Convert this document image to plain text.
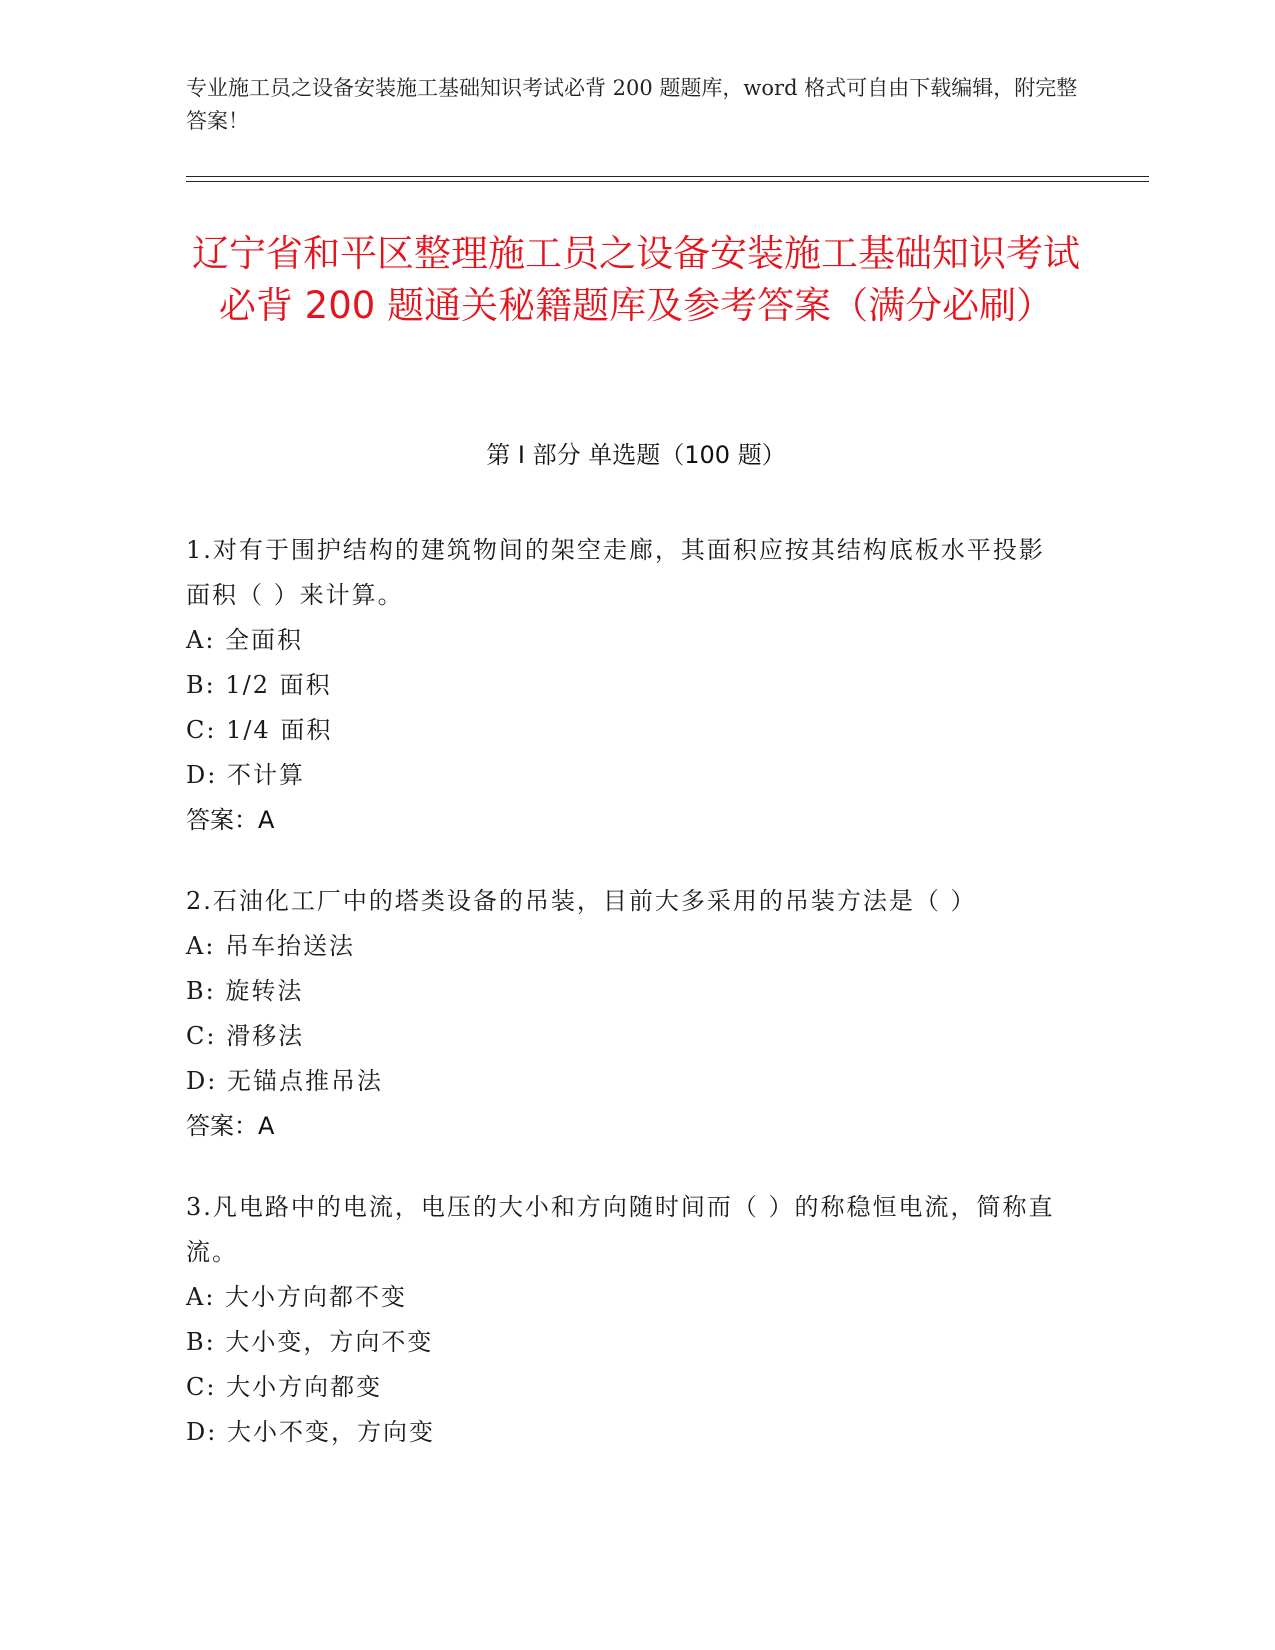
专业施工员之设备安装施工基础知识考试必背 200 题题库，word 格式可自由下载编辑，附完整答案！
辽宁省和平区整理施工员之设备安装施工基础知识考试必背 200 题通关秘籍题库及参考答案（满分必刷）
第 I 部分 单选题（100 题）
1.对有于围护结构的建筑物间的架空走廊，其面积应按其结构底板水平投影面积（ ）来计算。
A: 全面积
B: 1/2 面积
C: 1/4 面积
D: 不计算
答案：A
2.石油化工厂中的塔类设备的吊装，目前大多采用的吊装方法是（ ）
A: 吊车抬送法
B: 旋转法
C: 滑移法
D: 无锚点推吊法
答案：A
3.凡电路中的电流，电压的大小和方向随时间而（ ）的称稳恒电流，简称直流。
A: 大小方向都不变
B: 大小变，方向不变
C: 大小方向都变
D: 大小不变，方向变
